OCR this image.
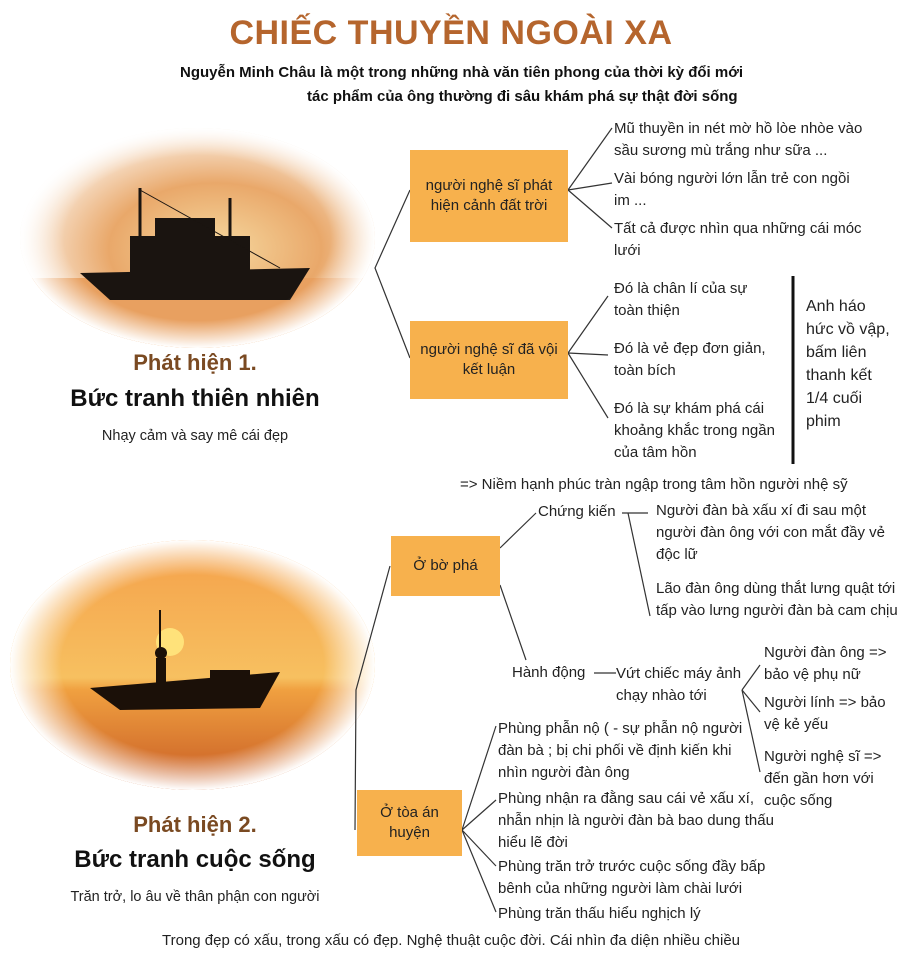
CHIẾC THUYỀN NGOÀI XA
Nguyễn Minh Châu là một trong những nhà văn tiên phong của thời kỳ đổi mới
tác phẩm của ông thường đi sâu khám phá sự thật đời sống
Phát hiện 1.
Bức tranh thiên nhiên
Nhạy cảm và say mê cái đẹp
Phát hiện 2.
Bức tranh cuộc sống
Trăn trở, lo âu về thân phận con người
người nghệ sĩ phát hiện cảnh đất trời
người nghệ sĩ đã vội kết luận
Mũ thuyền in nét mờ hồ lòe nhòe vào sầu sương mù trắng như sữa ...
Vài bóng người lớn lẫn trẻ con ngồi im ...
Tất cả được nhìn qua những cái móc lưới
Đó là chân lí của sự toàn thiện
Đó là vẻ đẹp đơn giản, toàn bích
Đó là sự khám phá cái khoảng khắc trong ngần của tâm hồn
Anh háo hức vồ vập, bấm liên thanh kết 1/4 cuối phim
=> Niềm hạnh phúc tràn ngập trong tâm hồn người nhệ sỹ
Ở bờ phá
Chứng kiến	Người đàn bà xấu xí đi sau một người đàn ông với con mắt đầy vẻ độc lữ
Lão đàn ông dùng thắt lưng quật tới tấp vào lưng người đàn bà cam chịu
Hành động Vứt chiếc máy ảnh chạy nhào tới
Người đàn ông => bảo vệ phụ nữ
Người lính => bảo vệ kẻ yếu
Người nghệ sĩ => đến gần hơn với cuộc sống
Ở tòa án huyện
Phùng phẫn nộ ( - sự phẫn nộ người đàn bà ; bị chi phối về định kiến khi nhìn người đàn ông
Phùng nhận ra đằng sau cái vẻ xấu xí, nhẫn nhịn là người đàn bà bao dung thấu hiểu lẽ đời
Phùng trăn trở trước cuộc sống đầy bấp bênh của những người làm chài lưới
Phùng trăn thấu hiểu nghịch lý
Trong đẹp có xấu, trong xấu có đẹp. Nghệ thuật cuộc đời. Cái nhìn đa diện nhiều chiều
